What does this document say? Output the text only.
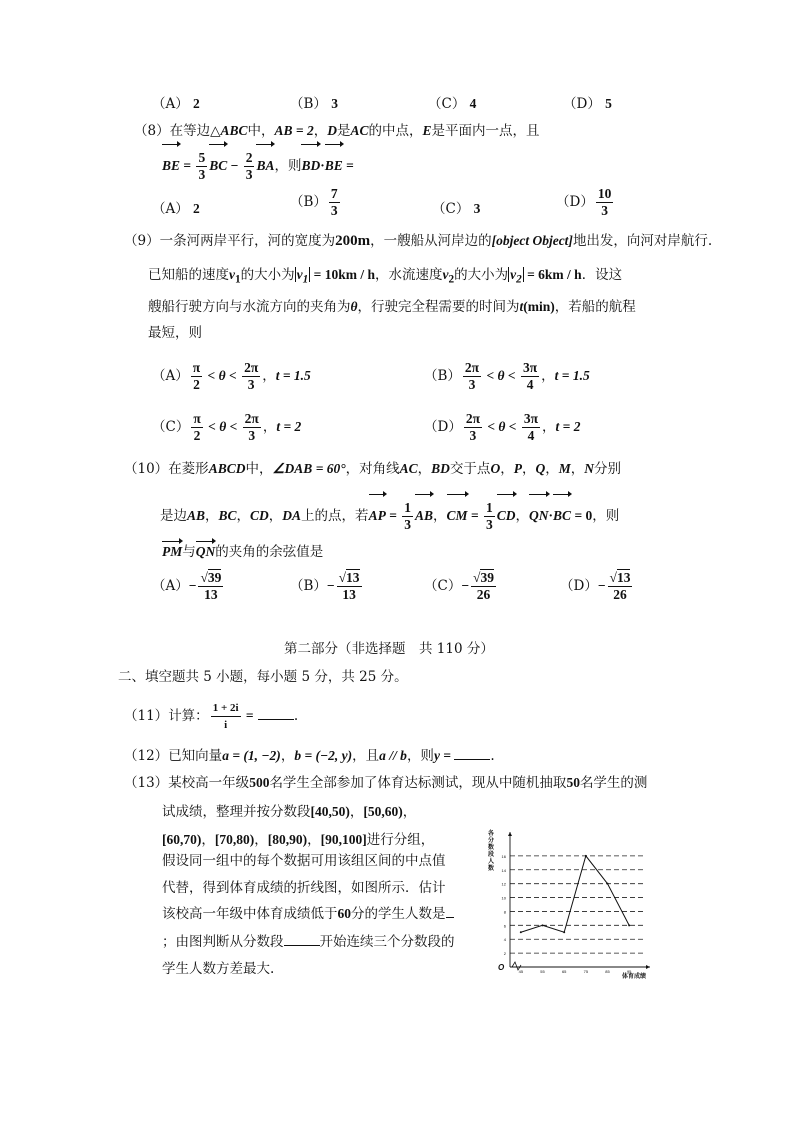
（A） 2	（B） 3	（C） 4	（D） 5
（8）在等边△ABC中，AB = 2，D是AC的中点，E是平面内一点，且
BE = $\frac{5}{3}$ BC − $\frac{2}{3}$ BA，则BD·BE =
（A） 2	$(B) \frac{7}{3}$	（C） 3	$(D) \frac{10}{3}$
（9）一条河两岸平行，河的宽度为200m，一艘船从河岸边的[object Object]地出发，向河对岸航行.
已知船的速度$v_1$的大小为 $v_1 = 10km / h$，水流速度$v_2$的大小为 $v_2 = 6km / h$．设这
艘船行驶方向与水流方向的夹角为θ，行驶完全程需要的时间为t(min)，若船的航程
最短，则
$(A) \frac{\pi}{2} < \theta < \frac{2\pi}{3}$ ，t = 1.5	$(B) \frac{2\pi}{3} < \theta < \frac{3\pi}{4}$ ，t = 1.5
$(C) \frac{\pi}{2} < \theta < \frac{2\pi}{3}$ ，t = 2	$(D) \frac{2\pi}{3} < \theta < \frac{3\pi}{4}$ ，t = 2
（10）在菱形ABCD中，∠DAB = 60°，对角线AC，BD交于点O，P，Q，M，N分别
是边AB，BC，CD，DA上的点，若AP = $\frac{1}{3}$ AB，CM = $\frac{1}{3}$ CD，QN·BC = 0，则
PM与QN的夹角的余弦值是
$(A)- \frac{√39}{13}$	$(B)- \frac{√13}{13}$	$(C)- \frac{√39}{26}$	$(D)- \frac{√13}{26}$
第二部分（非选择题　共 110 分）
二、填空题共 5 小题，每小题 5 分，共 25 分。
（11）计算： $\frac{1 + 2i}{i}$ =	.
（12）已知向量a = (1, −2)，b = (−2, y)，且a // b，则y =	.
（13）某校高一年级500名学生全部参加了体育达标测试，现从中随机抽取50名学生的测
试成绩，整理并按分数段[40,50)，[50,60)，
[60,70)，[70,80)，[80,90)，[90,100]进行分组，
假设同一组中的每个数据可用该组区间的中点值
代替，得到体育成绩的折线图，如图所示．估计
该校高一年级中体育成绩低于60分的学生人数是
；由图判断从分数段	开始连续三个分数段的
学生人数方差最大.
2
4
6
8
10
12
14
16
O
各
分
数
段
人
数
体育成绩
45	55	65	75	85	95
